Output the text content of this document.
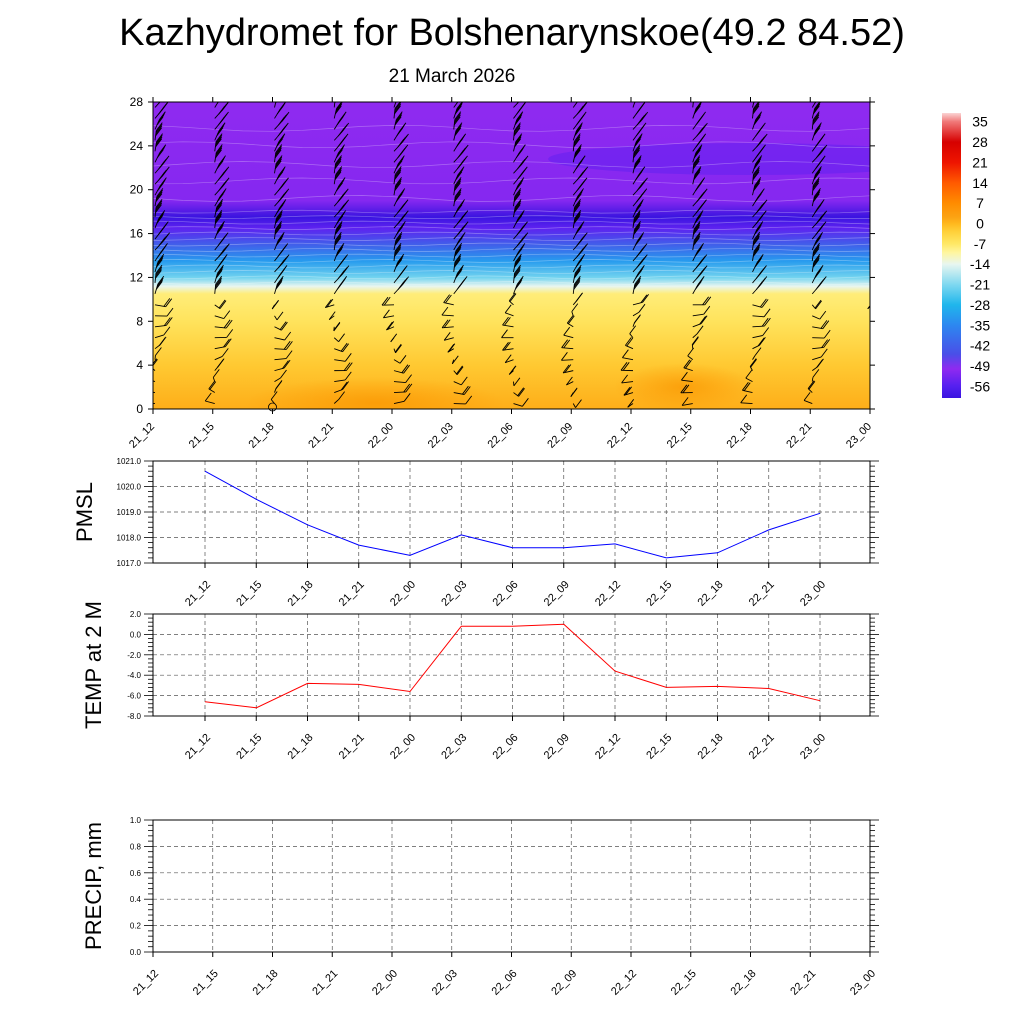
Kazhydromet for Bolshenarynskoe(49.2 84.52)
21 March 2026
0
4
8
12
16
20
24
28
21_12	21_15	21_18	21_21	22_00	22_03	22_06	22_09	22_12	22_15	22_18	22_21	23_00
35
28
21
14
7
0
-7
-14
-21
-28
-35
-42
-49
-56
1017.0
1018.0
1019.0
1020.0
1021.0
21_12 21_15 21_18 21_21 22_00 22_03 22_06 22_09 22_12 22_15 22_18 22_21 23_00
PMSL
-8.0
-6.0
-4.0
-2.0
0.0
2.0
21_12 21_15 21_18 21_21 22_00 22_03 22_06 22_09 22_12 22_15 22_18 22_21 23_00
TEMP at 2 M
0.0
0.2
0.4
0.6
0.8
1.0
21_12	21_15	21_18	21_21	22_00	22_03	22_06	22_09	22_12	22_15	22_18	22_21	23_00
PRECIP, mm
